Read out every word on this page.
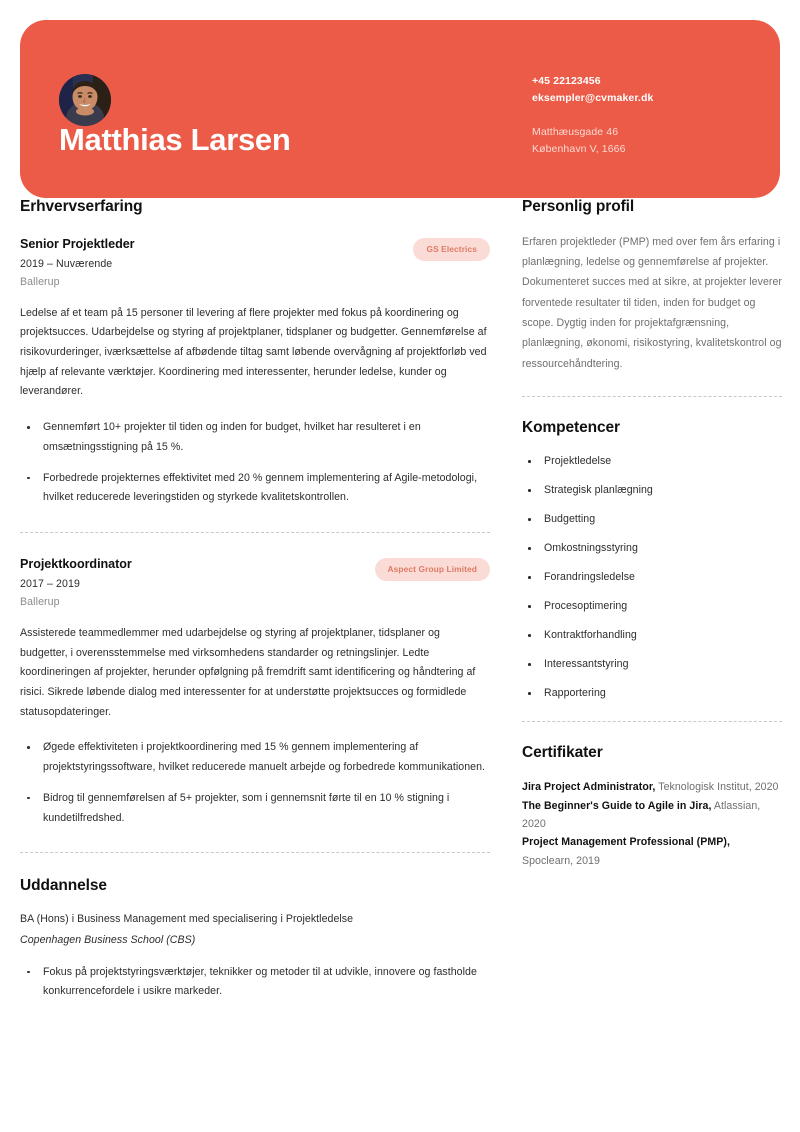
Matthias Larsen
+45 22123456
eksempler@cvmaker.dk
Matthæusgade 46
København V, 1666
Erhvervserfaring
Senior Projektleder	GS Electrics
2019 – Nuværende
Ballerup
Ledelse af et team på 15 personer til levering af flere projekter med fokus på koordinering og projektsucces. Udarbejdelse og styring af projektplaner, tidsplaner og budgetter. Gennemførelse af risikovurderinger, iværksættelse af afbødende tiltag samt løbende overvågning af projektforløb ved hjælp af relevante værktøjer. Koordinering med interessenter, herunder ledelse, kunder og leverandører.
Gennemført 10+ projekter til tiden og inden for budget, hvilket har resulteret i en omsætningsstigning på 15 %.
Forbedrede projekternes effektivitet med 20 % gennem implementering af Agile-metodologi, hvilket reducerede leveringstiden og styrkede kvalitetskontrollen.
Projektkoordinator	Aspect Group Limited
2017 – 2019
Ballerup
Assisterede teammedlemmer med udarbejdelse og styring af projektplaner, tidsplaner og budgetter, i overensstemmelse med virksomhedens standarder og retningslinjer. Ledte koordineringen af projekter, herunder opfølgning på fremdrift samt identificering og håndtering af risici. Sikrede løbende dialog med interessenter for at understøtte projektsucces og formidlede statusopdateringer.
Øgede effektiviteten i projektkoordinering med 15 % gennem implementering af projektstyringssoftware, hvilket reducerede manuelt arbejde og forbedrede kommunikationen.
Bidrog til gennemførelsen af 5+ projekter, som i gennemsnit førte til en 10 % stigning i kundetilfredshed.
Uddannelse
BA (Hons) i Business Management med specialisering i Projektledelse
Copenhagen Business School (CBS)
Fokus på projektstyringsværktøjer, teknikker og metoder til at udvikle, innovere og fastholde konkurrencefordele i usikre markeder.
Personlig profil
Erfaren projektleder (PMP) med over fem års erfaring i planlægning, ledelse og gennemførelse af projekter. Dokumenteret succes med at sikre, at projekter leverer forventede resultater til tiden, inden for budget og scope. Dygtig inden for projektafgrænsning, planlægning, økonomi, risikostyring, kvalitetskontrol og ressourcehåndtering.
Kompetencer
Projektledelse
Strategisk planlægning
Budgetting
Omkostningsstyring
Forandringsledelse
Procesoptimering
Kontraktforhandling
Interessantstyring
Rapportering
Certifikater
Jira Project Administrator, Teknologisk Institut, 2020
The Beginner's Guide to Agile in Jira, Atlassian, 2020
Project Management Professional (PMP), Spoclearn, 2019
